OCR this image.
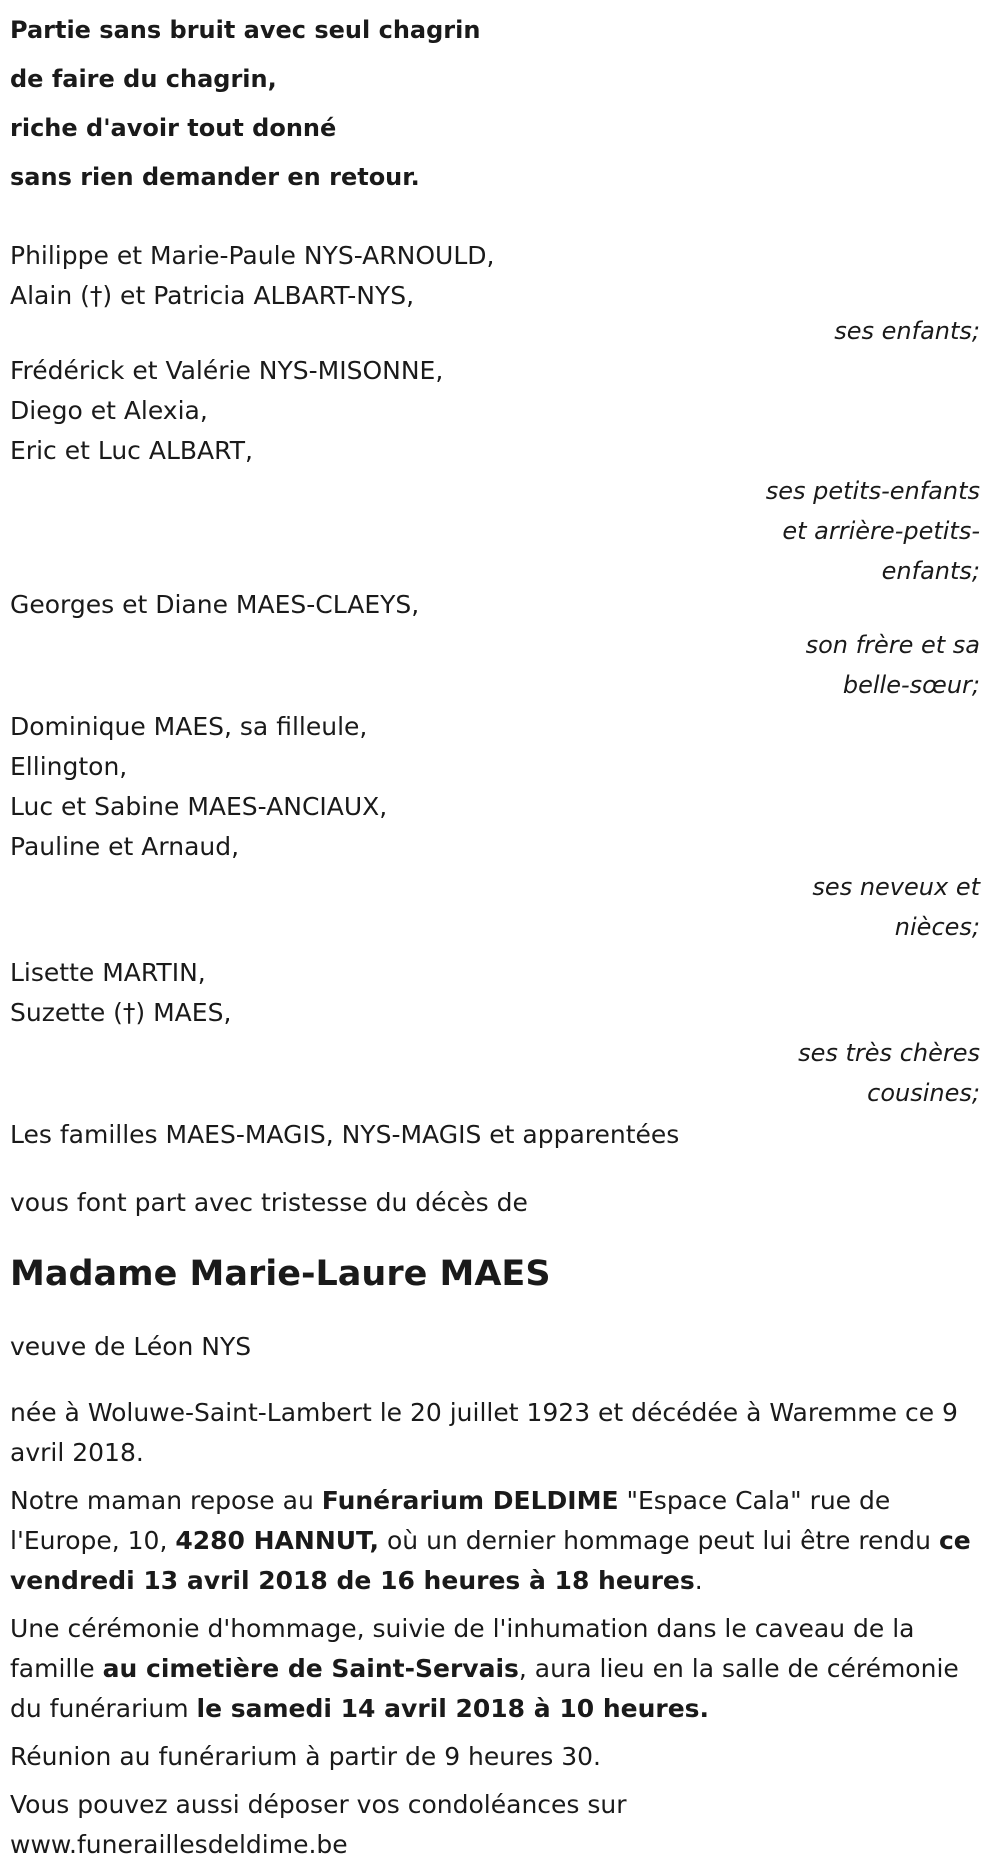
Partie sans bruit avec seul chagrin
de faire du chagrin,
riche d'avoir tout donné
sans rien demander en retour.
Philippe et Marie-Paule NYS-ARNOULD,
Alain (†) et Patricia ALBART-NYS,
ses enfants;
Frédérick et Valérie NYS-MISONNE,
Diego et Alexia,
Eric et Luc ALBART,
ses petits-enfants
et arrière-petits-
enfants;
Georges et Diane MAES-CLAEYS,
son frère et sa
belle-sœur;
Dominique MAES, sa filleule,
Ellington,
Luc et Sabine MAES-ANCIAUX,
Pauline et Arnaud,
ses neveux et
nièces;
Lisette MARTIN,
Suzette (†) MAES,
ses très chères
cousines;

Les familles MAES-MAGIS, NYS-MAGIS et apparentées

vous font part avec tristesse du décès de

Madame Marie-Laure MAES

veuve de Léon NYS

née à Woluwe-Saint-Lambert le 20 juillet 1923 et décédée à Waremme ce 9 avril 2018.

Notre maman repose au Funérarium DELDIME "Espace Cala" rue de l'Europe, 10, 4280 HANNUT, où un dernier hommage peut lui être rendu ce vendredi 13 avril 2018 de 16 heures à 18 heures.

Une cérémonie d'hommage, suivie de l'inhumation dans le caveau de la famille au cimetière de Saint-Servais, aura lieu en la salle de cérémonie du funérarium le samedi 14 avril 2018 à 10 heures.

Réunion au funérarium à partir de 9 heures 30.

Vous pouvez aussi déposer vos condoléances sur
www.funeraillesdeldime.be
